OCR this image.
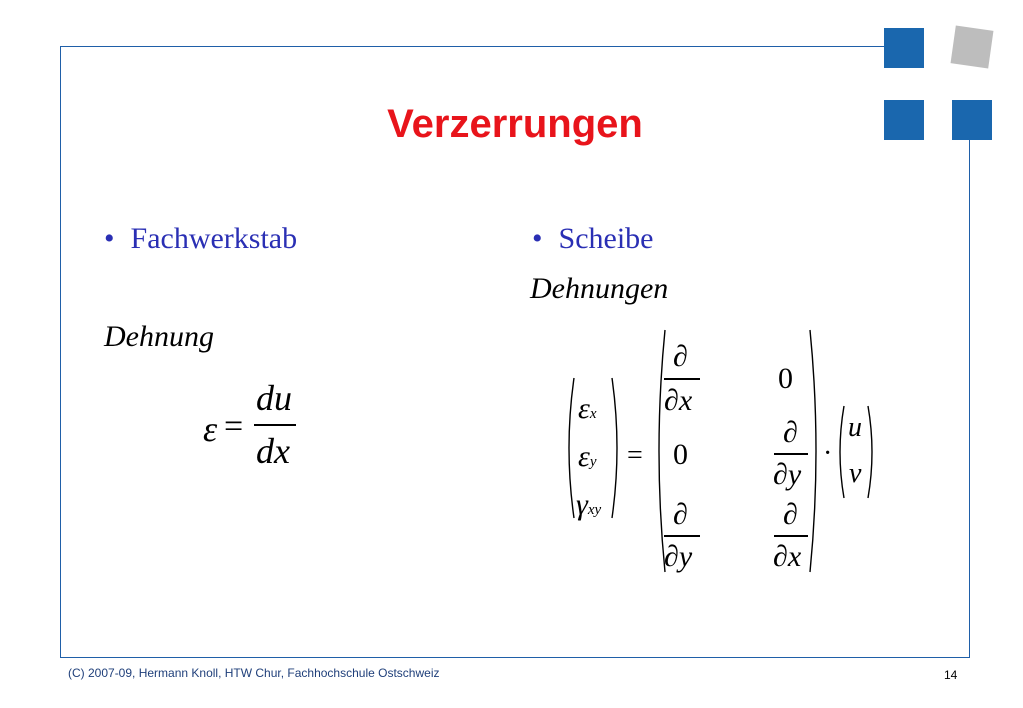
Verzerrungen
• Fachwerkstab
Dehnung
ε =
du
dx
• Scheibe
Dehnungen
εx
εy
γxy
=
∂
∂x
0
0
∂
∂y
∂
∂y
∂
∂x
·
u
v
(C) 2007-09, Hermann Knoll, HTW Chur, Fachhochschule Ostschweiz	14
